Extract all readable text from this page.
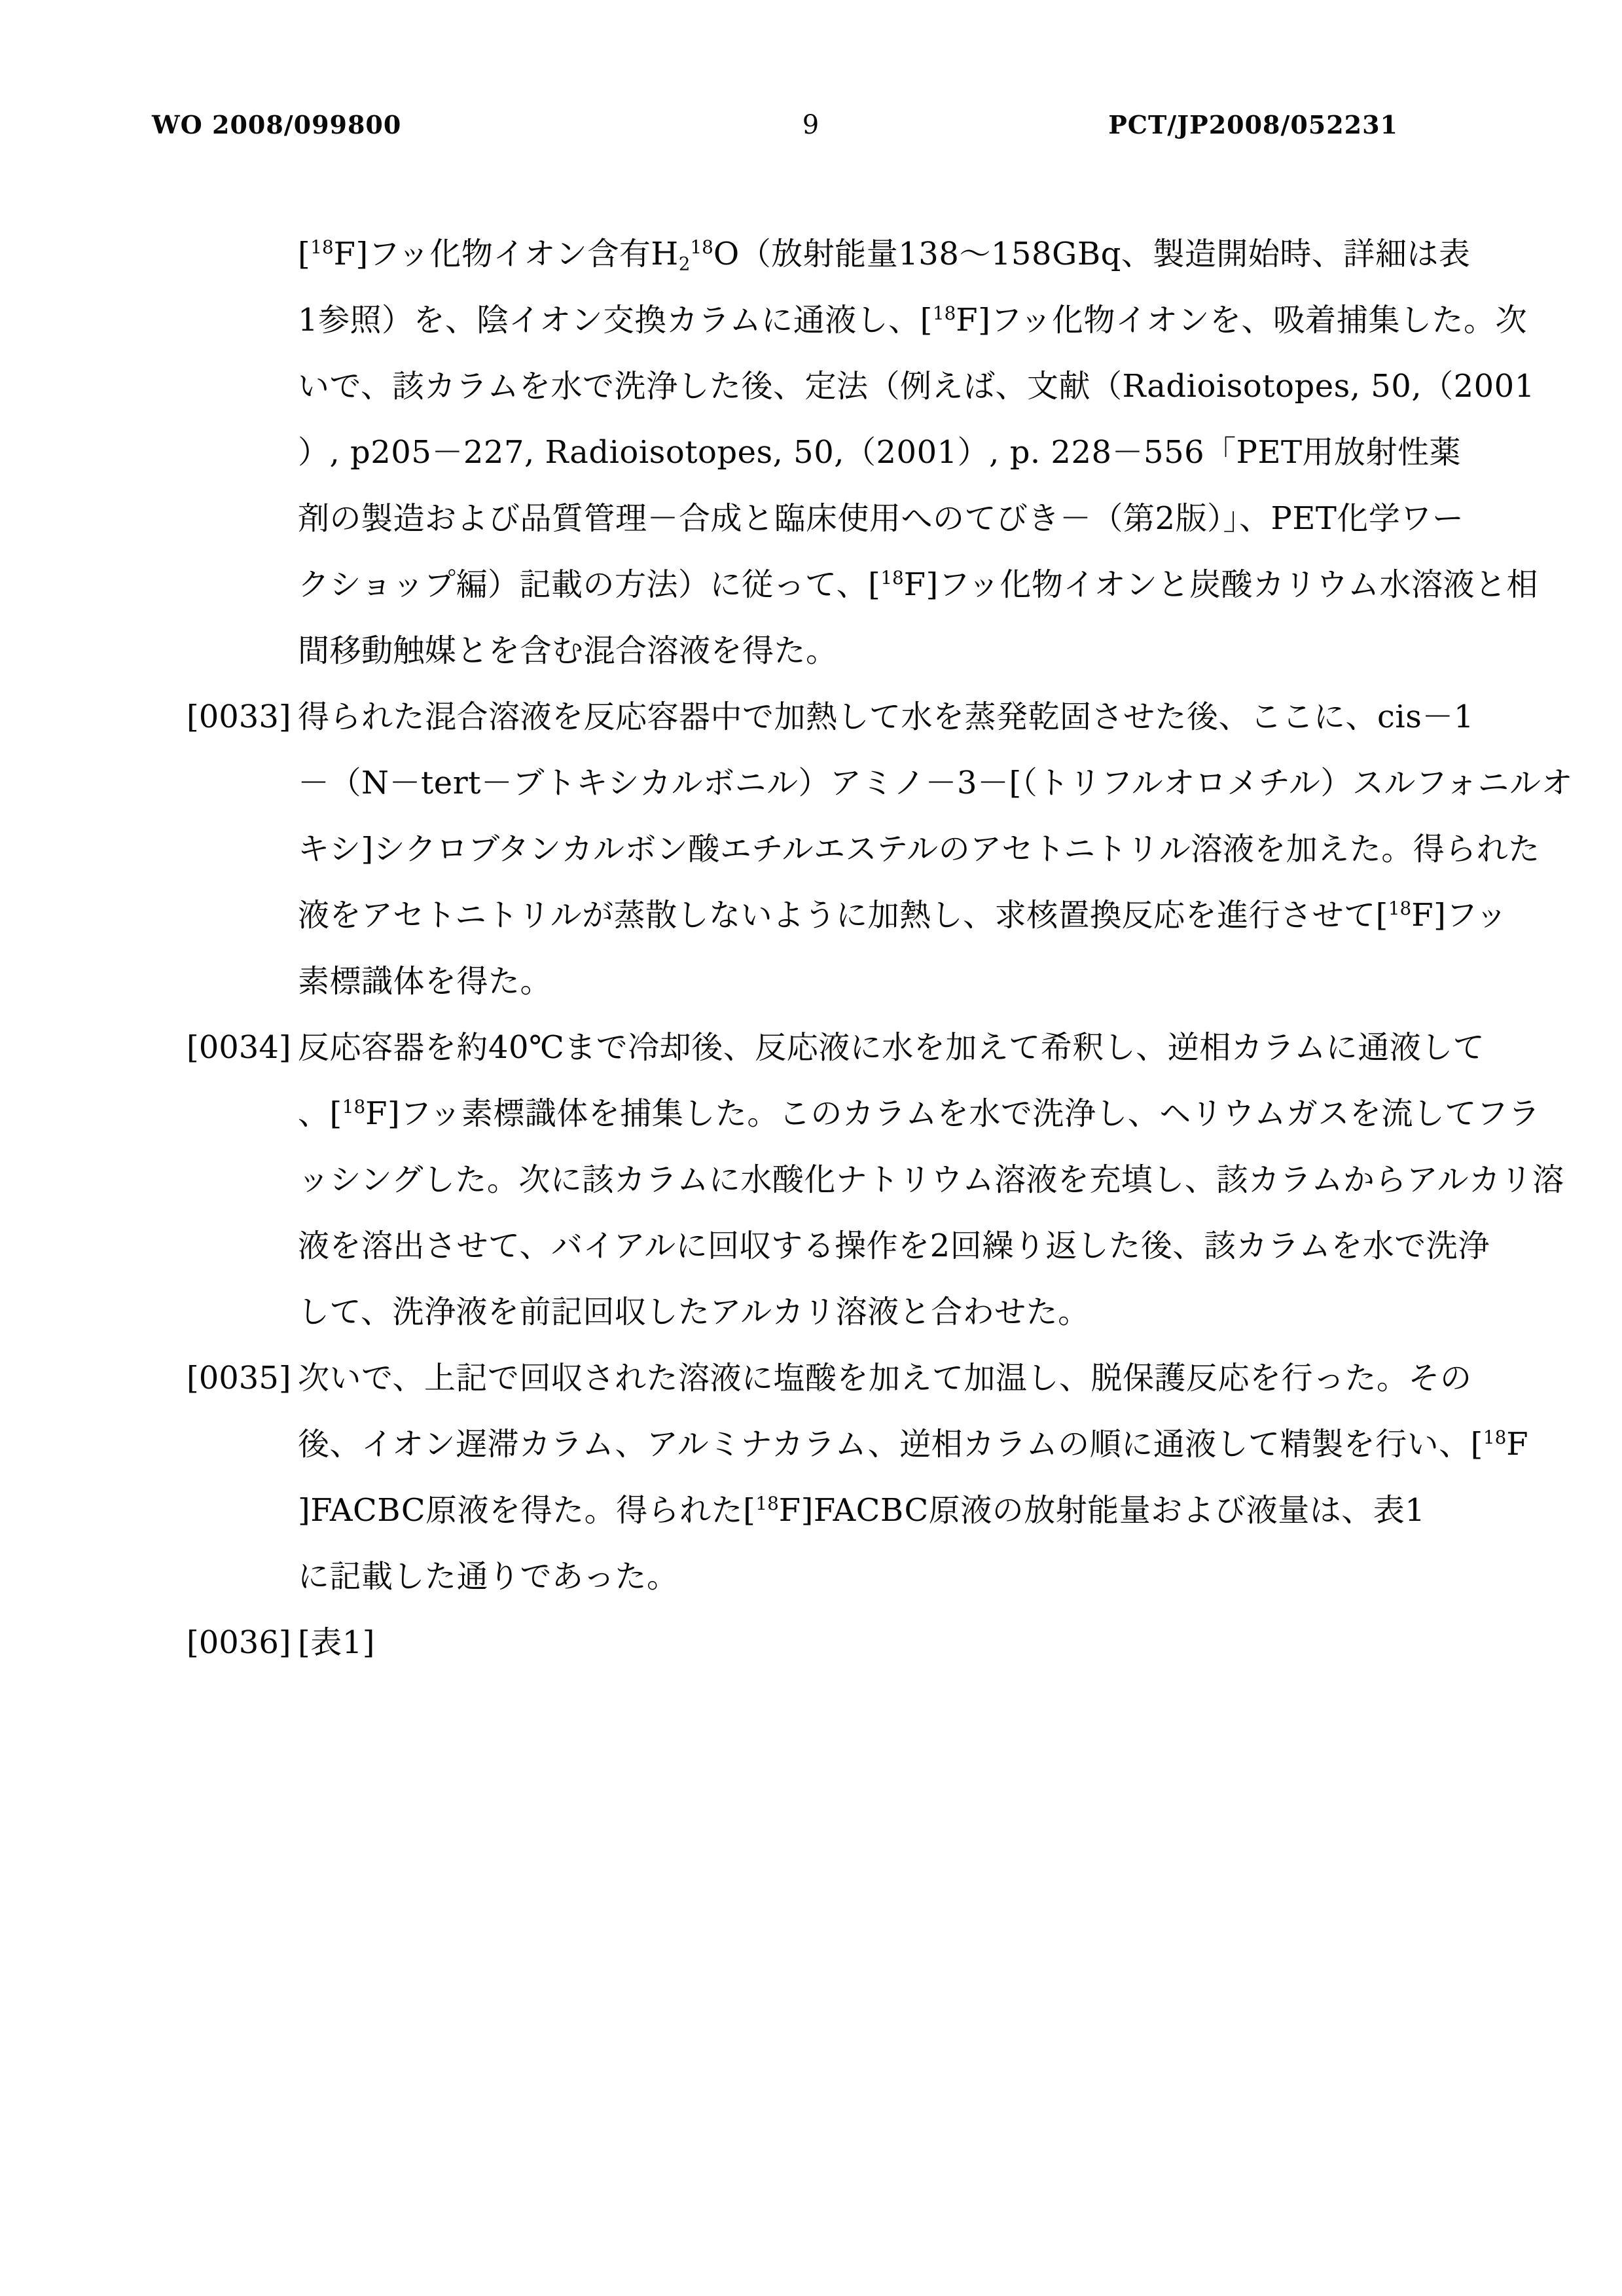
WO 2008/099800	9	PCT/JP2008/052231
[$^{18}$F]フッ化物イオン含有$H_2^{18}O$（放射能量138～158GBq、製造開始時、詳細は表
1参照）を、陰イオン交換カラムに通液し、[$^{18}$F]フッ化物イオンを、吸着捕集した。次
いで、該カラムを水で洗浄した後、定法（例えば、文献（Radioisotopes, 50,（2001
）, p205－227, Radioisotopes, 50,（2001）, p. 228－556「PET用放射性薬
剤の製造および品質管理－合成と臨床使用へのてびき－（第2版）」、PET化学ワー
クショップ編）記載の方法）に従って、[$^{18}$F]フッ化物イオンと炭酸カリウム水溶液と相
間移動触媒とを含む混合溶液を得た。
[0033] 得られた混合溶液を反応容器中で加熱して水を蒸発乾固させた後、ここに、cis－1
－（N－tert－ブトキシカルボニル）アミノ－3－[（トリフルオロメチル）スルフォニルオ
キシ]シクロブタンカルボン酸エチルエステルのアセトニトリル溶液を加えた。得られた
液をアセトニトリルが蒸散しないように加熱し、求核置換反応を進行させて[$^{18}$F]フッ
素標識体を得た。
[0034] 反応容器を約40℃まで冷却後、反応液に水を加えて希釈し、逆相カラムに通液して
、[$^{18}$F]フッ素標識体を捕集した。このカラムを水で洗浄し、ヘリウムガスを流してフラ
ッシングした。次に該カラムに水酸化ナトリウム溶液を充填し、該カラムからアルカリ溶
液を溶出させて、バイアルに回収する操作を2回繰り返した後、該カラムを水で洗浄
して、洗浄液を前記回収したアルカリ溶液と合わせた。
[0035] 次いで、上記で回収された溶液に塩酸を加えて加温し、脱保護反応を行った。その
後、イオン遅滞カラム、アルミナカラム、逆相カラムの順に通液して精製を行い、[$^{18}$F
]FACBC原液を得た。得られた[$^{18}$F]FACBC原液の放射能量および液量は、表1
に記載した通りであった。
[0036] [表1]
